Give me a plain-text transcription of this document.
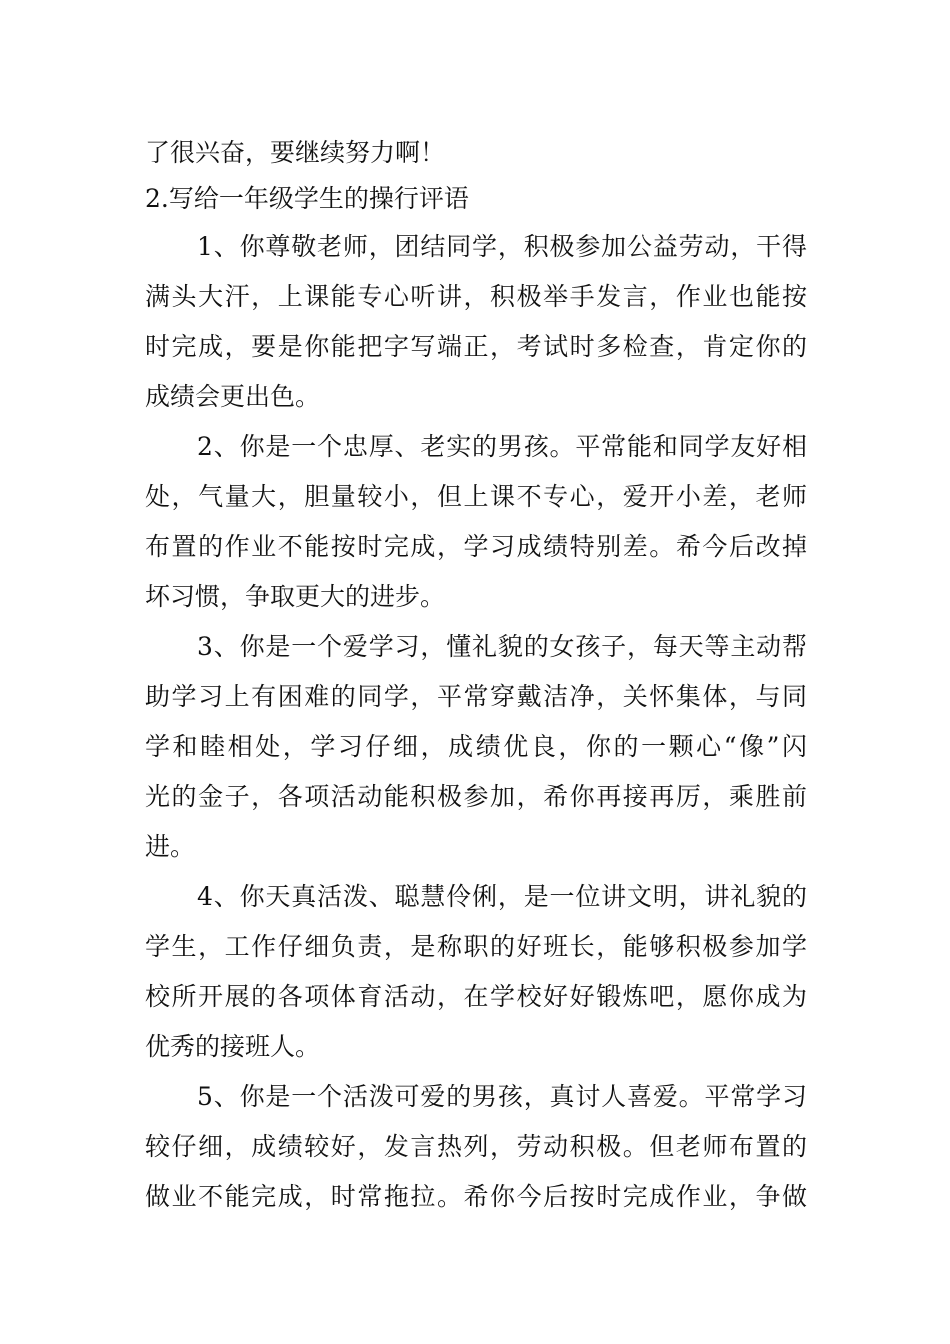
了很兴奋，要继续努力啊！
2.写给一年级学生的操行评语
1、你尊敬老师，团结同学，积极参加公益劳动，干得
满头大汗，上课能专心听讲，积极举手发言，作业也能按
时完成，要是你能把字写端正，考试时多检查，肯定你的
成绩会更出色。
2、你是一个忠厚、老实的男孩。平常能和同学友好相
处，气量大，胆量较小，但上课不专心，爱开小差，老师
布置的作业不能按时完成，学习成绩特别差。希今后改掉
坏习惯，争取更大的进步。
3、你是一个爱学习，懂礼貌的女孩子，每天等主动帮
助学习上有困难的同学，平常穿戴洁净，关怀集体，与同
学和睦相处，学习仔细，成绩优良，你的一颗心“像”闪
光的金子，各项活动能积极参加，希你再接再厉，乘胜前
进。
4、你天真活泼、聪慧伶俐，是一位讲文明，讲礼貌的
学生，工作仔细负责，是称职的好班长，能够积极参加学
校所开展的各项体育活动，在学校好好锻炼吧，愿你成为
优秀的接班人。
5、你是一个活泼可爱的男孩，真讨人喜爱。平常学习
较仔细，成绩较好，发言热列，劳动积极。但老师布置的
做业不能完成，时常拖拉。希你今后按时完成作业，争做
